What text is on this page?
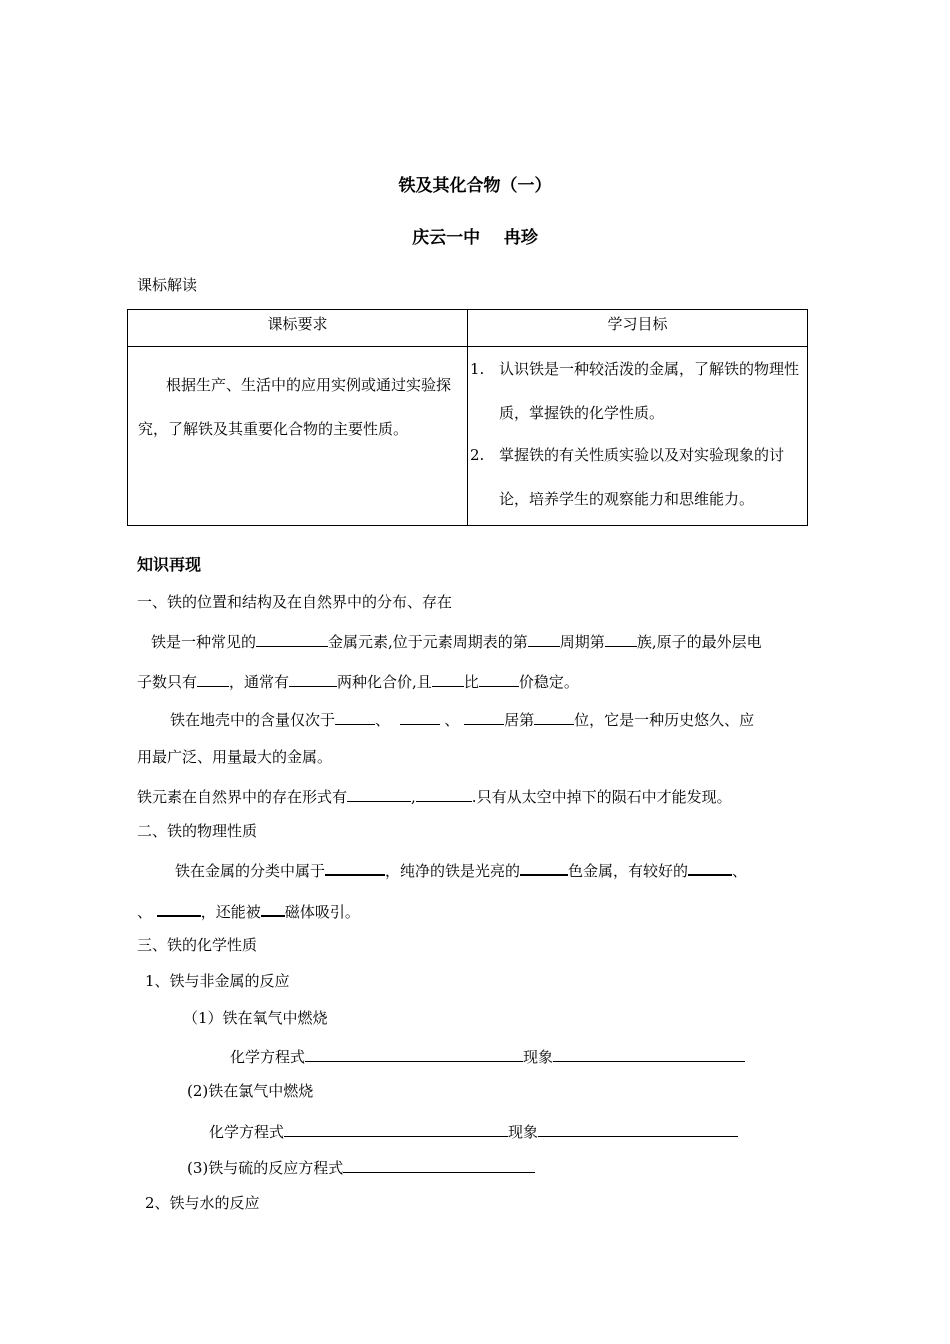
铁及其化合物（一）
庆云一中    冉珍
课标解读
课标要求	学习目标

根据生产、生活中的应用实例或通过实验探究，了解铁及其重要化合物的主要性质。	1. 认识铁是一种较活泼的金属，了解铁的物理性质，掌握铁的化学性质。
2. 掌握铁的有关性质实验以及对实验现象的讨论，培养学生的观察能力和思维能力。
知识再现
一、铁的位置和结构及在自然界中的分布、存在
铁是一种常见的	金属元素,位于元素周期表的第 周期第 族,原子的最外层电
子数只有 ，通常有	两种化合价,且 比	价稳定。
铁在地壳中的含量仅次于	、	、	居第	位，它是一种历史悠久、应
用最广泛、用量最大的金属。
铁元素在自然界中的存在形式有	,	.只有从太空中掉下的陨石中才能发现。
二、铁的物理性质
铁在金属的分类中属于	，纯净的铁是光亮的	色金属，有较好的	、
、	，还能被 磁体吸引。
三、铁的化学性质
1、铁与非金属的反应
（1）铁在氧气中燃烧
化学方程式	现象
(2)铁在氯气中燃烧
化学方程式	现象
(3)铁与硫的反应方程式
2、铁与水的反应
